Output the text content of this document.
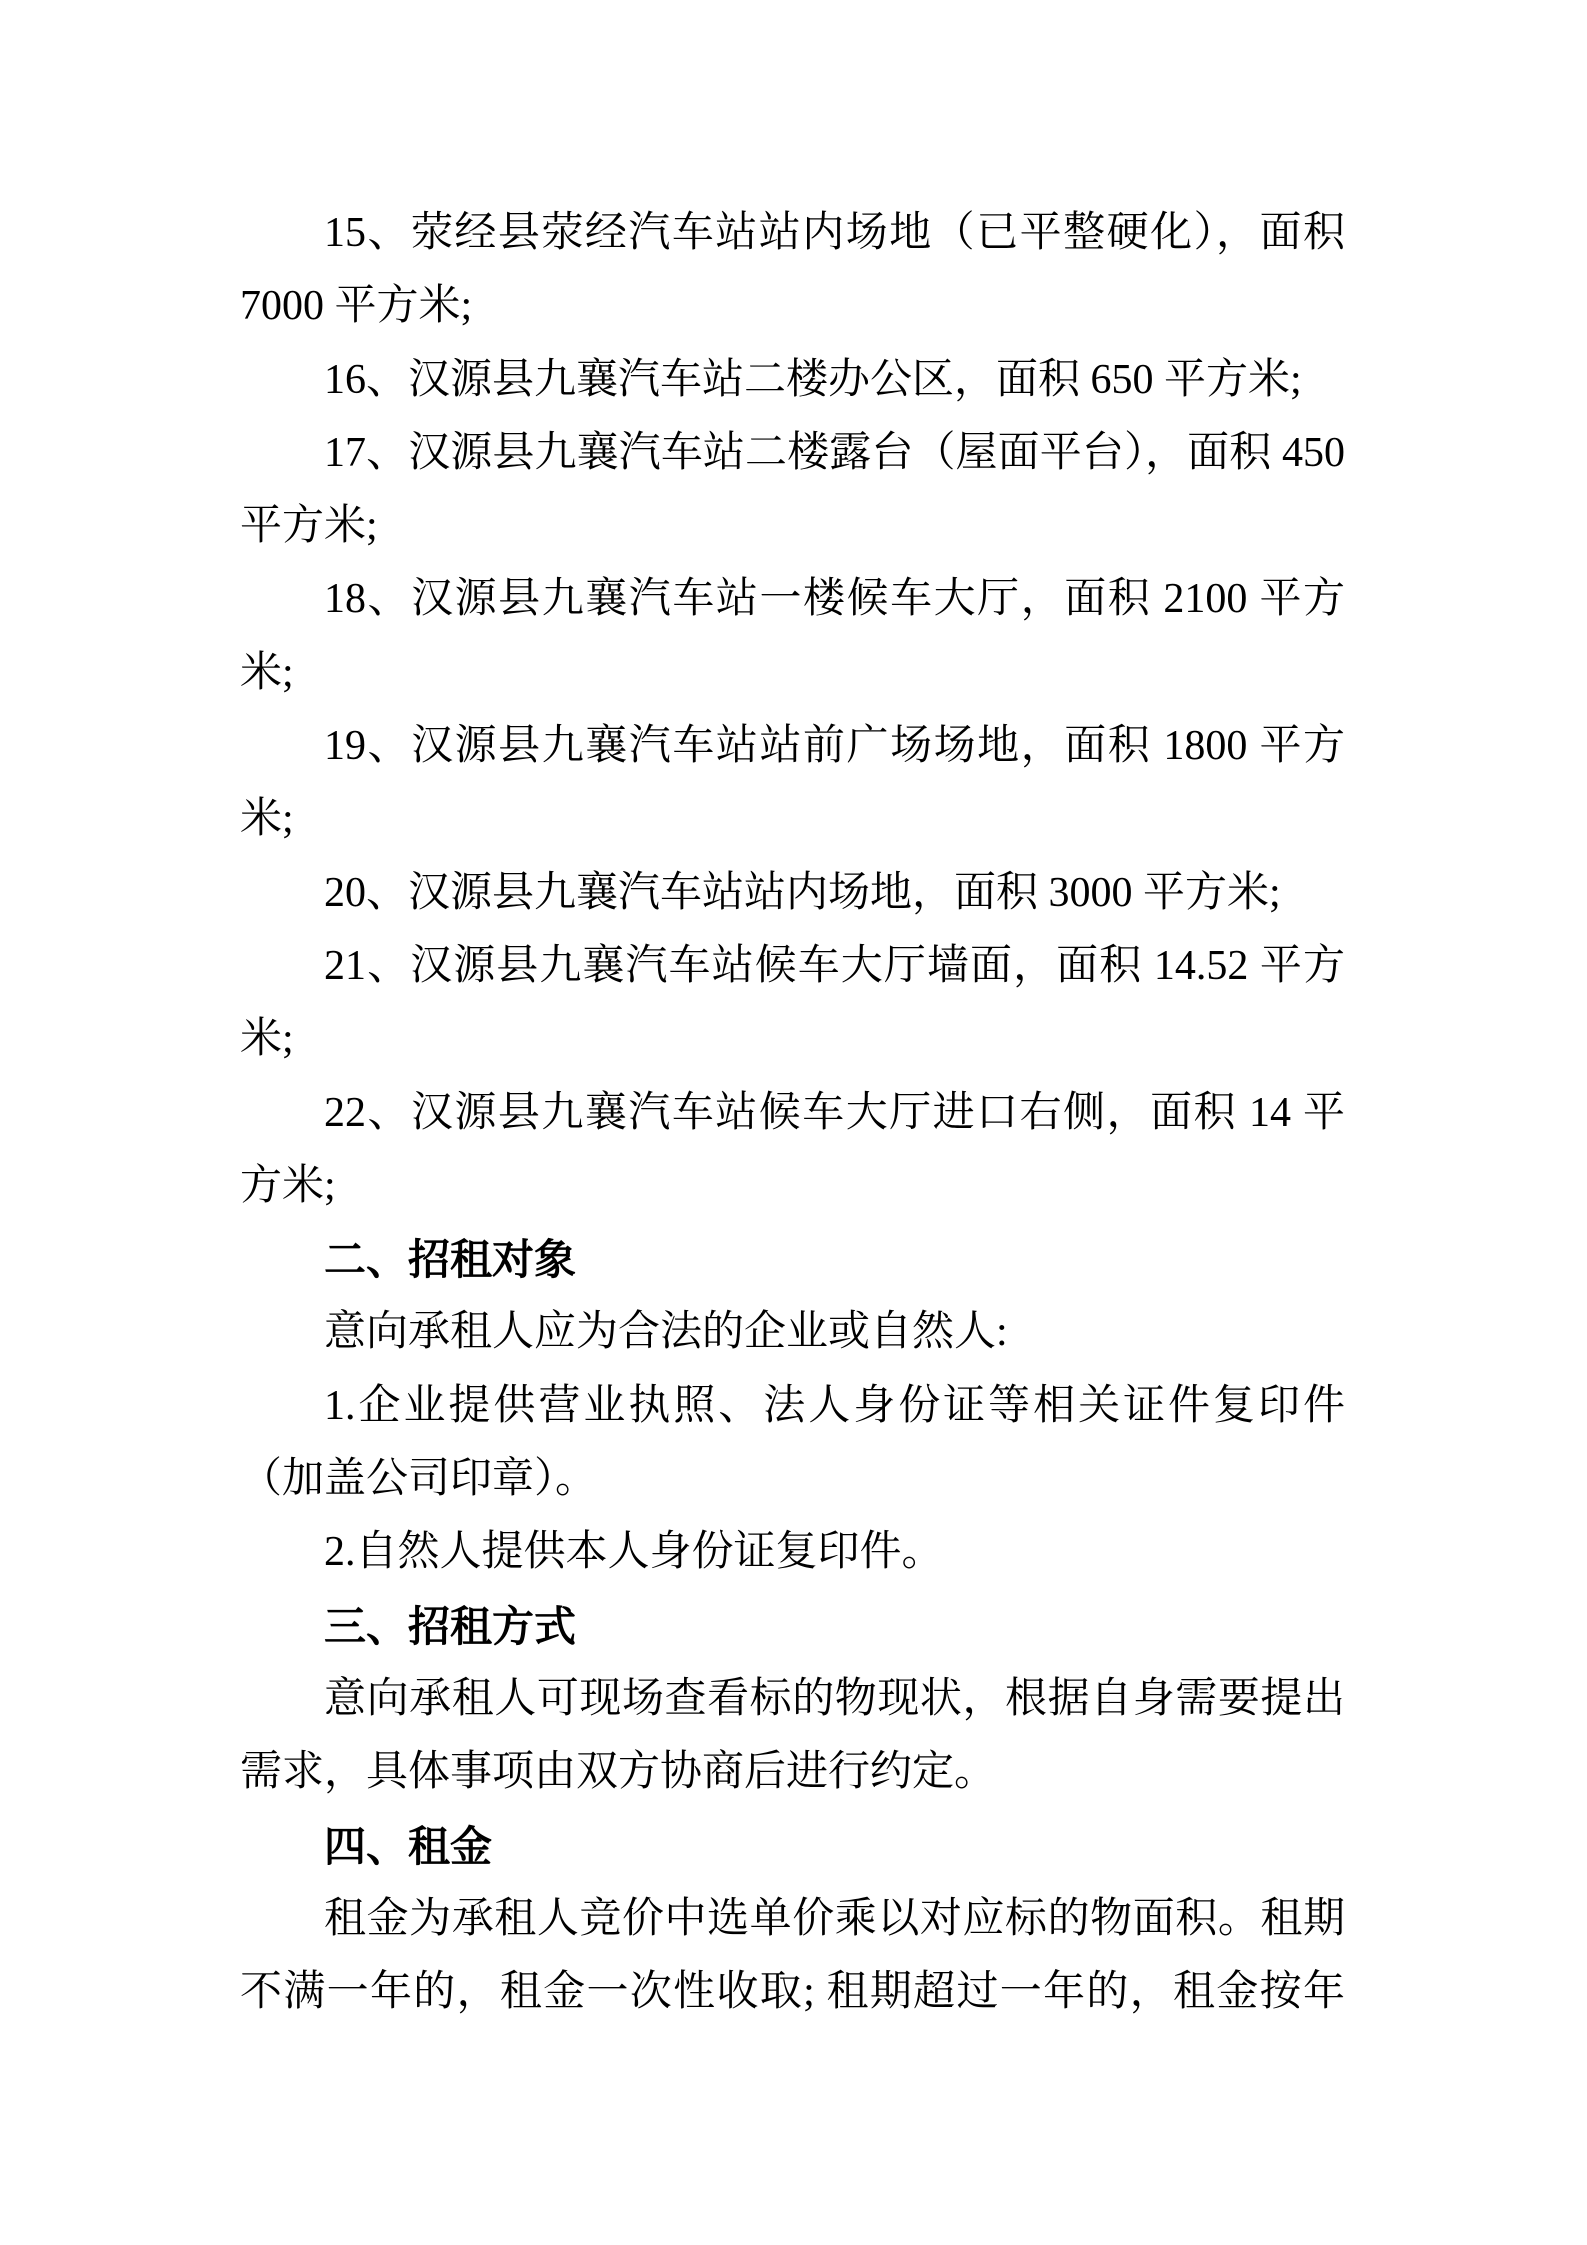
15、荥经县荥经汽车站站内场地（已平整硬化），面积
7000 平方米;
16、汉源县九襄汽车站二楼办公区，面积 650 平方米;
17、汉源县九襄汽车站二楼露台（屋面平台），面积 450
平方米;
18、汉源县九襄汽车站一楼候车大厅，面积 2100 平方
米;
19、汉源县九襄汽车站站前广场场地，面积 1800 平方
米;
20、汉源县九襄汽车站站内场地，面积 3000 平方米;
21、汉源县九襄汽车站候车大厅墙面，面积 14.52 平方
米;
22、汉源县九襄汽车站候车大厅进口右侧，面积 14 平
方米;
二、招租对象
意向承租人应为合法的企业或自然人:
1.企业提供营业执照、法人身份证等相关证件复印件
（加盖公司印章）。
2.自然人提供本人身份证复印件。
三、招租方式
意向承租人可现场查看标的物现状，根据自身需要提出
需求，具体事项由双方协商后进行约定。
四、租金
租金为承租人竞价中选单价乘以对应标的物面积。租期
不满一年的，租金一次性收取; 租期超过一年的，租金按年
